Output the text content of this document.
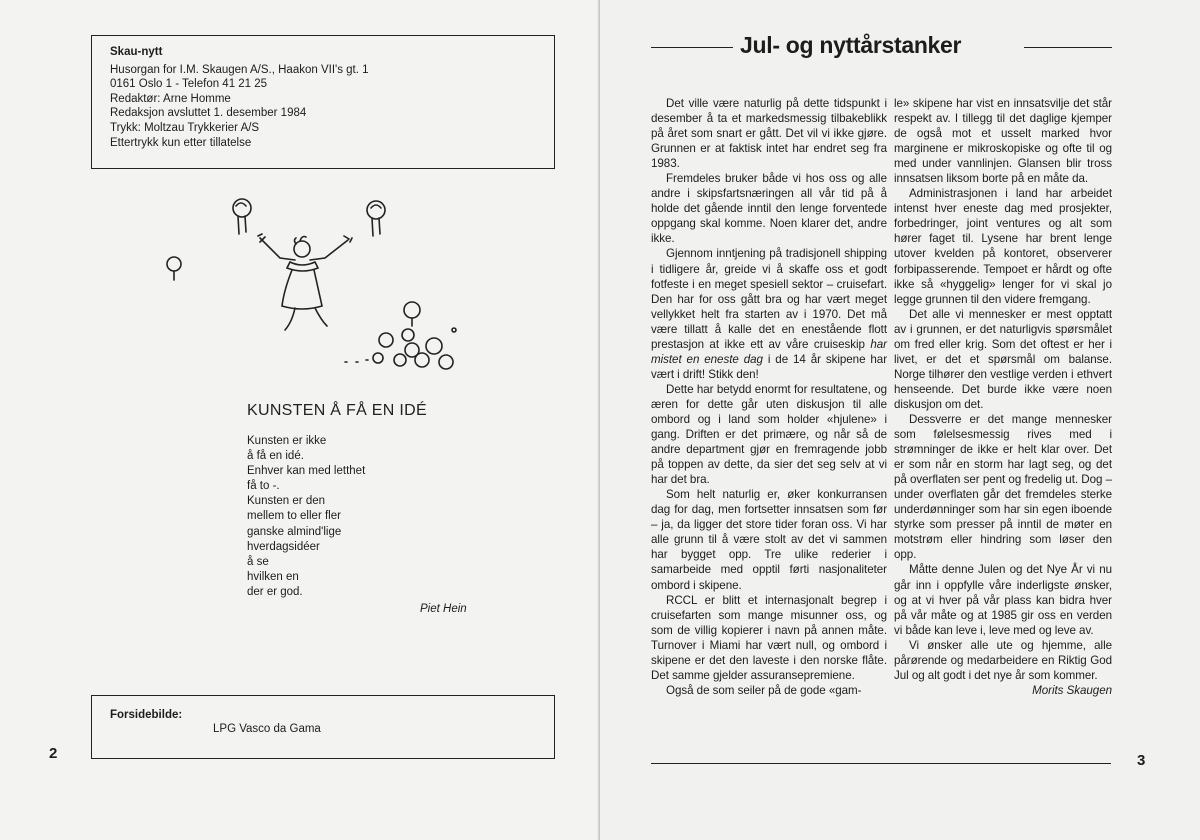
Skau-nytt
Husorgan for I.M. Skaugen A/S., Haakon VII's gt. 1
0161 Oslo 1 - Telefon 41 21 25
Redaktør: Arne Homme
Redaksjon avsluttet 1. desember 1984
Trykk: Moltzau Trykkerier A/S
Ettertrykk kun etter tillatelse
KUNSTEN Å FÅ EN IDÉ
Kunsten er ikke
å få en idé.
Enhver kan med letthet
få to -.
Kunsten er den
mellem to eller fler
ganske almind'lige
hverdagsidéer
å se
hvilken en
der er god.
Piet Hein
Forsidebilde:
LPG Vasco da Gama
2
Jul- og nyttårstanker

Det ville være naturlig på dette tidspunkt i desember å ta et markedsmessig tilbakeblikk på året som snart er gått. Det vil vi ikke gjøre. Grunnen er at faktisk intet har endret seg fra 1983.

Fremdeles bruker både vi hos oss og alle andre i skipsfartsnæringen all vår tid på å holde det gående inntil den lenge forventede oppgang skal komme. Noen klarer det, andre ikke.

Gjennom inntjening på tradisjonell shipping i tidligere år, greide vi å skaffe oss et godt fotfeste i en meget spesiell sektor – cruisefart. Den har for oss gått bra og har vært meget vellykket helt fra starten av i 1970. Det må være tillatt å kalle det en enestående flott prestasjon at ikke ett av våre cruiseskip har mistet en eneste dag i de 14 år skipene har vært i drift! Stikk den!

Dette har betydd enormt for resultatene, og æren for dette går uten diskusjon til alle ombord og i land som holder «hjulene» i gang. Driften er det primære, og når så de andre department gjør en fremragende jobb på toppen av dette, da sier det seg selv at vi har det bra.

Som helt naturlig er, øker konkurransen dag for dag, men fortsetter innsatsen som før – ja, da ligger det store tider foran oss. Vi har alle grunn til å være stolt av det vi sammen har bygget opp. Tre ulike rederier i samarbeide med opptil førti nasjonaliteter ombord i skipene.

RCCL er blitt et internasjonalt begrep i cruisefarten som mange misunner oss, og som de villig kopierer i navn på annen måte. Turnover i Miami har vært null, og ombord i skipene er det den laveste i den norske flåte. Det samme gjelder assuransepremiene.

Også de som seiler på de gode «gam-

le» skipene har vist en innsatsvilje det står respekt av. I tillegg til det daglige kjemper de også mot et usselt marked hvor marginene er mikroskopiske og ofte til og med under vannlinjen. Glansen blir tross innsatsen liksom borte på en måte da.

Administrasjonen i land har arbeidet intenst hver eneste dag med prosjekter, forbedringer, joint ventures og alt som hører faget til. Lysene har brent lenge utover kvelden på kontoret, observerer forbipasserende. Tempoet er hårdt og ofte ikke så «hyggelig» lenger for vi skal jo legge grunnen til den videre fremgang.

Det alle vi mennesker er mest opptatt av i grunnen, er det naturligvis spørsmålet om fred eller krig. Som det oftest er her i livet, er det et spørsmål om balanse. Norge tilhører den vestlige verden i ethvert henseende. Det burde ikke være noen diskusjon om det.

Dessverre er det mange mennesker som følelsesmessig rives med i strømninger de ikke er helt klar over. Det er som når en storm har lagt seg, og det på overflaten ser pent og fredelig ut. Dog – under overflaten går det fremdeles sterke underdønninger som har sin egen iboende styrke som presser på inntil de møter en motstrøm eller hindring som løser den opp.

Måtte denne Julen og det Nye År vi nu går inn i oppfylle våre inderligste ønsker, og at vi hver på vår plass kan bidra hver på vår måte og at 1985 gir oss en verden vi både kan leve i, leve med og leve av.

Vi ønsker alle ute og hjemme, alle pårørende og medarbeidere en Riktig God Jul og alt godt i det nye år som kommer.

Morits Skaugen
3
